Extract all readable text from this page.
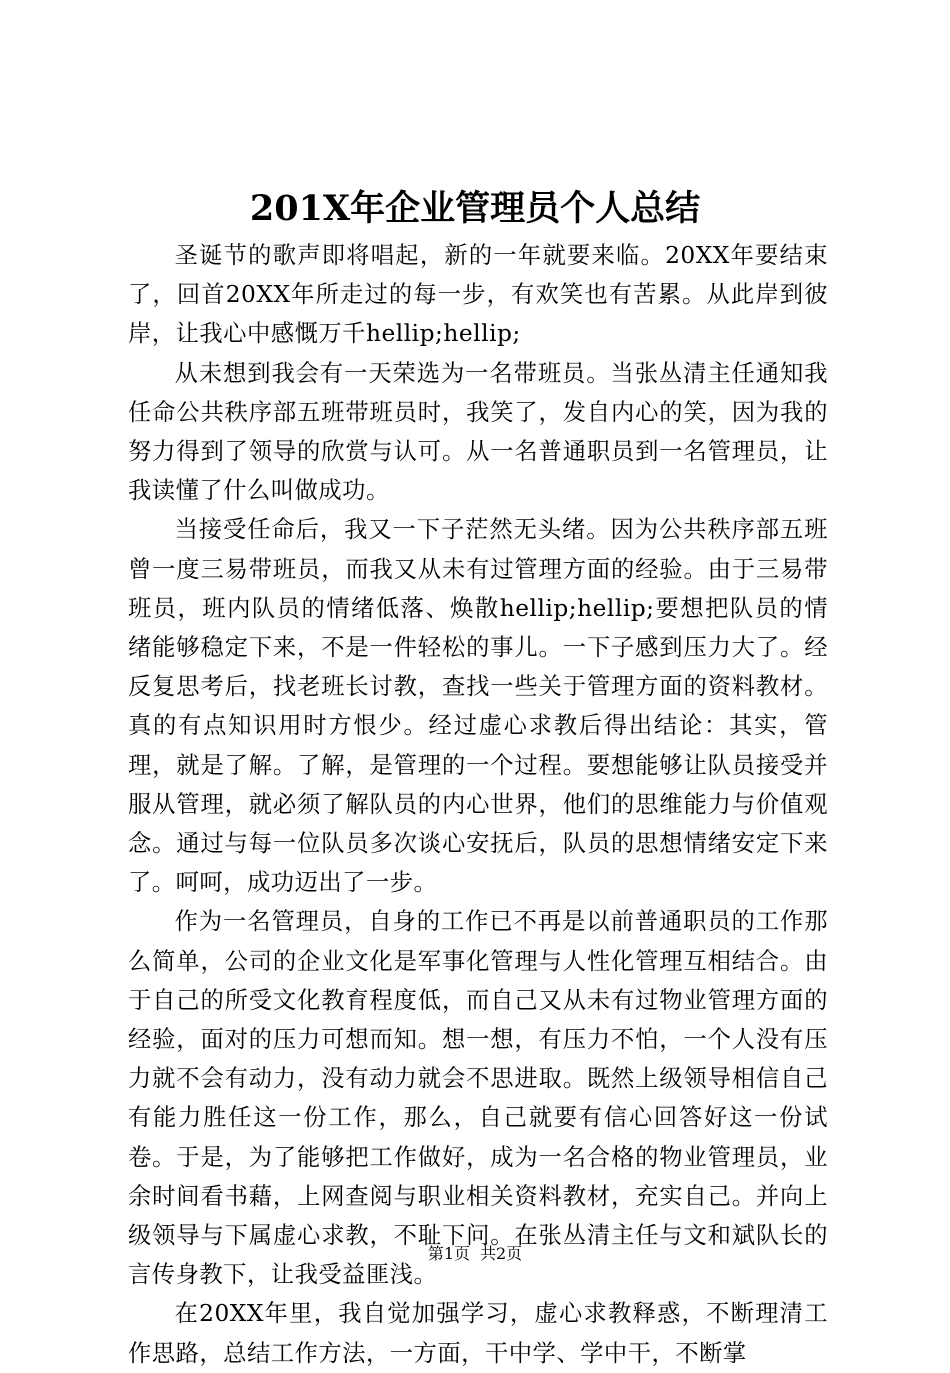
201X年企业管理员个人总结

圣诞节的歌声即将唱起，新的一年就要来临。20XX年要结束了，回首20XX年所走过的每一步，有欢笑也有苦累。从此岸到彼岸，让我心中感慨万千hellip;hellip;

从未想到我会有一天荣选为一名带班员。当张丛清主任通知我任命公共秩序部五班带班员时，我笑了，发自内心的笑，因为我的努力得到了领导的欣赏与认可。从一名普通职员到一名管理员，让我读懂了什么叫做成功。

当接受任命后，我又一下子茫然无头绪。因为公共秩序部五班曾一度三易带班员，而我又从未有过管理方面的经验。由于三易带班员，班内队员的情绪低落、焕散hellip;hellip;要想把队员的情绪能够稳定下来，不是一件轻松的事儿。一下子感到压力大了。经反复思考后，找老班长讨教，查找一些关于管理方面的资料教材。真的有点知识用时方恨少。经过虚心求教后得出结论：其实，管理，就是了解。了解，是管理的一个过程。要想能够让队员接受并服从管理，就必须了解队员的内心世界，他们的思维能力与价值观念。通过与每一位队员多次谈心安抚后，队员的思想情绪安定下来了。呵呵，成功迈出了一步。

作为一名管理员，自身的工作已不再是以前普通职员的工作那么简单，公司的企业文化是军事化管理与人性化管理互相结合。由于自己的所受文化教育程度低，而自己又从未有过物业管理方面的经验，面对的压力可想而知。想一想，有压力不怕，一个人没有压力就不会有动力，没有动力就会不思进取。既然上级领导相信自己有能力胜任这一份工作，那么，自己就要有信心回答好这一份试卷。于是，为了能够把工作做好，成为一名合格的物业管理员，业余时间看书藉，上网查阅与职业相关资料教材，充实自己。并向上级领导与下属虚心求教，不耻下问。在张丛清主任与文和斌队长的言传身教下，让我受益匪浅。

在20XX年里，我自觉加强学习，虚心求教释惑，不断理清工作思路，总结工作方法，一方面，干中学、学中干，不断掌

第1页 共2页
